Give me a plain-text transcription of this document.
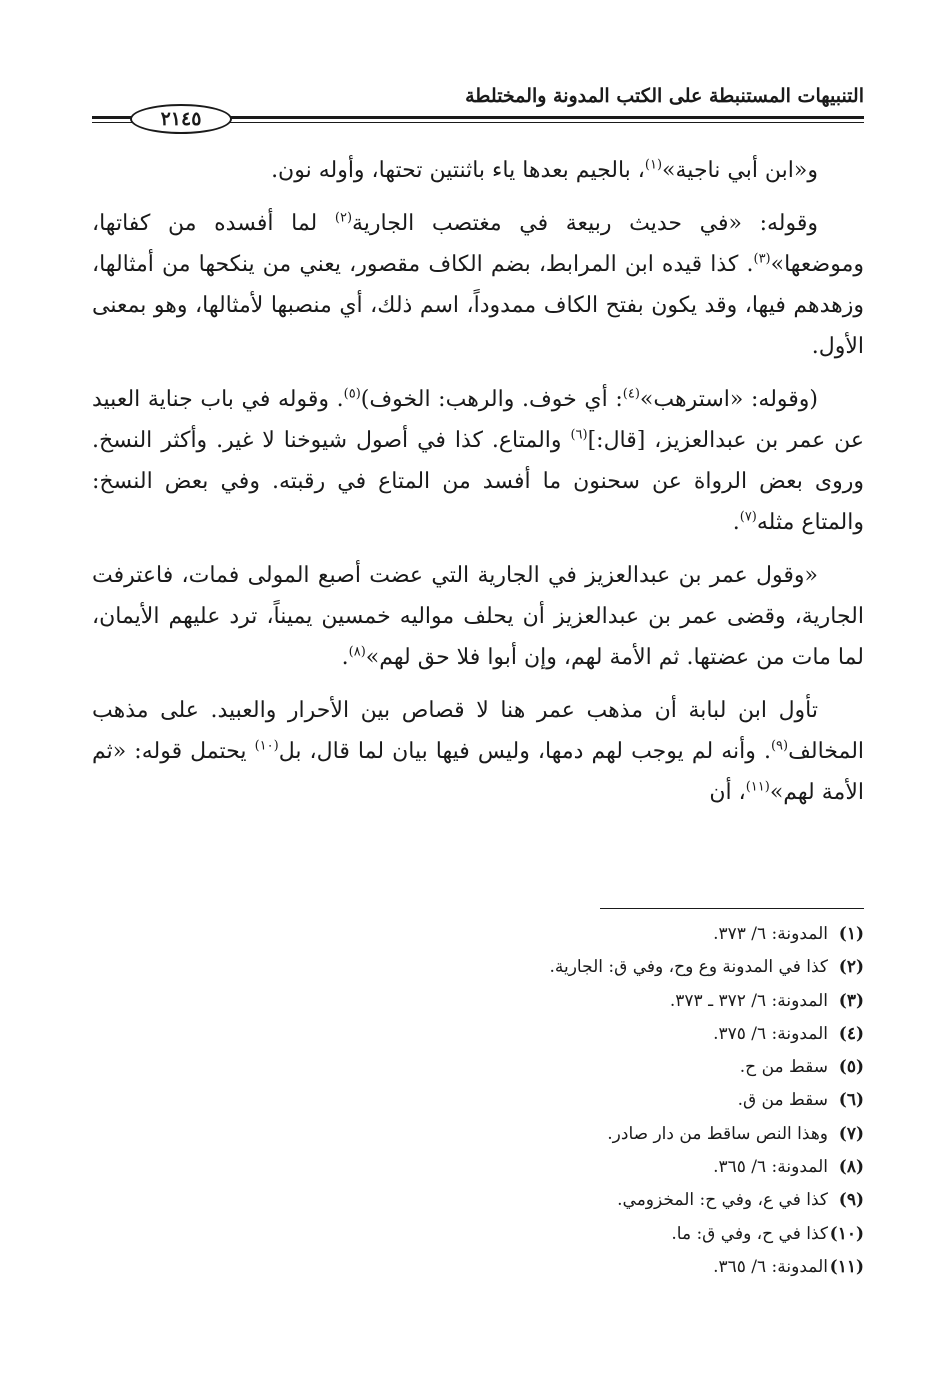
التنبيهات المستنبطة على الكتب المدونة والمختلطة
٢١٤٥

و«ابن أبي ناجية»$^{(١)}$، بالجيم بعدها ياء باثنتين تحتها، وأوله نون.

وقوله: «في حديث ربيعة في مغتصب الجارية$^{(٢)}$ لما أفسده من كفاتها، وموضعها»$^{(٣)}$. كذا قيده ابن المرابط، بضم الكاف مقصور، يعني من ينكحها من أمثالها، وزهدهم فيها، وقد يكون بفتح الكاف ممدوداً، اسم ذلك، أي منصبها لأمثالها، وهو بمعنى الأول.

(وقوله: «استرهب»$^{(٤)}$: أي خوف. والرهب: الخوف)$^{(٥)}$. وقوله في باب جناية العبيد عن عمر بن عبدالعزيز، [قال:]$^{(٦)}$ والمتاع. كذا في أصول شيوخنا لا غير. وأكثر النسخ. وروى بعض الرواة عن سحنون ما أفسد من المتاع في رقبته. وفي بعض النسخ: والمتاع مثله$^{(٧)}$.

«وقول عمر بن عبدالعزيز في الجارية التي عضت أصبع المولى فمات، فاعترفت الجارية، وقضى عمر بن عبدالعزيز أن يحلف مواليه خمسين يميناً، ترد عليهم الأيمان، لما مات من عضتها. ثم الأمة لهم، وإن أبوا فلا حق لهم»$^{(٨)}$.

تأول ابن لبابة أن مذهب عمر هنا لا قصاص بين الأحرار والعبيد. على مذهب المخالف$^{(٩)}$. وأنه لم يوجب لهم دمها، وليس فيها بيان لما قال، بل$^{(١٠)}$ يحتمل قوله: «ثم الأمة لهم»$^{(١١)}$، أن

(١)المدونة: ٦/ ٣٧٣.
(٢)كذا في المدونة وع وح، وفي ق: الجارية.
(٣)المدونة: ٦/ ٣٧٢ ـ ٣٧٣.
(٤)المدونة: ٦/ ٣٧٥.
(٥)سقط من ح.
(٦)سقط من ق.
(٧)وهذا النص ساقط من دار صادر.
(٨)المدونة: ٦/ ٣٦٥.
(٩)كذا في ع، وفي ح: المخزومي.
(١٠)كذا في ح، وفي ق: ما.
(١١)المدونة: ٦/ ٣٦٥.
